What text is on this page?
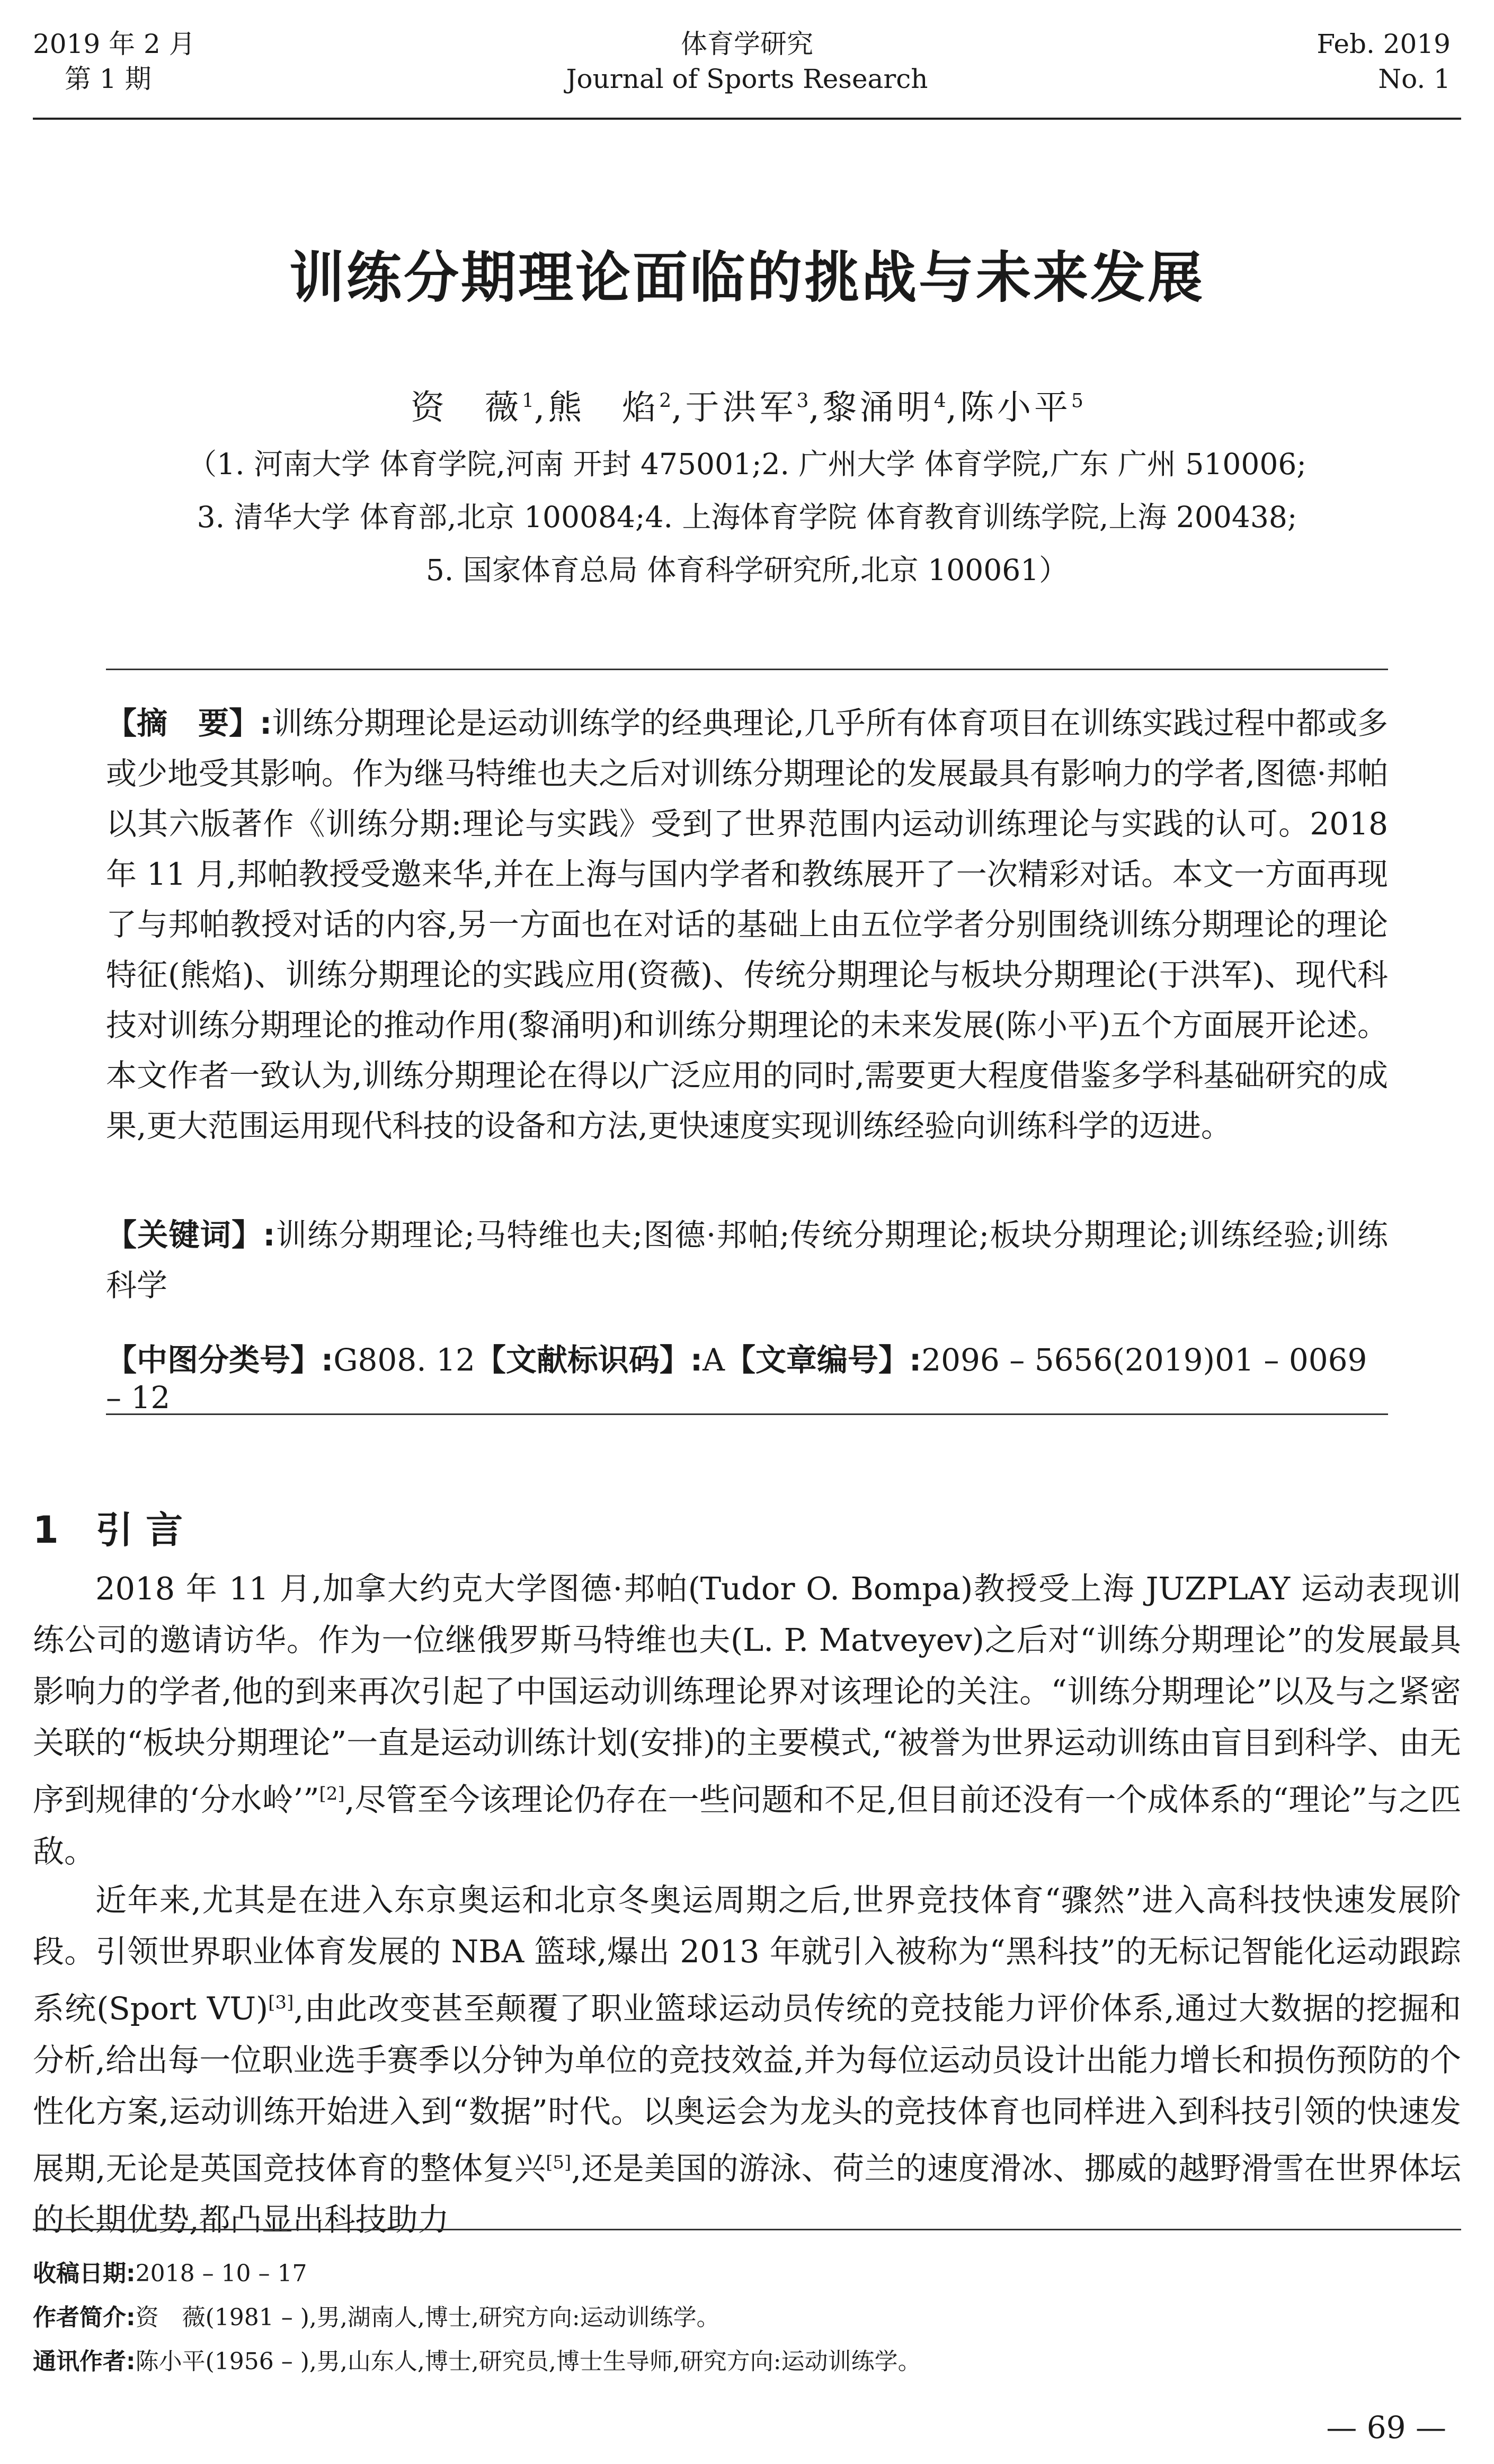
2019 年 2 月
第 1 期
体育学研究
Journal of Sports Research
Feb. 2019
No. 1
训练分期理论面临的挑战与未来发展
资　薇$^1$,熊　焰$^2$,于洪军$^3$,黎涌明$^4$,陈小平$^5$
（1. 河南大学 体育学院,河南 开封 475001;2. 广州大学 体育学院,广东 广州 510006;
3. 清华大学 体育部,北京 100084;4. 上海体育学院 体育教育训练学院,上海 200438;
5. 国家体育总局 体育科学研究所,北京 100061）
【摘　要】:训练分期理论是运动训练学的经典理论,几乎所有体育项目在训练实践过程中都或多或少地受其影响。作为继马特维也夫之后对训练分期理论的发展最具有影响力的学者,图德·邦帕以其六版著作《训练分期:理论与实践》受到了世界范围内运动训练理论与实践的认可。2018 年 11 月,邦帕教授受邀来华,并在上海与国内学者和教练展开了一次精彩对话。本文一方面再现了与邦帕教授对话的内容,另一方面也在对话的基础上由五位学者分别围绕训练分期理论的理论特征(熊焰)、训练分期理论的实践应用(资薇)、传统分期理论与板块分期理论(于洪军)、现代科技对训练分期理论的推动作用(黎涌明)和训练分期理论的未来发展(陈小平)五个方面展开论述。本文作者一致认为,训练分期理论在得以广泛应用的同时,需要更大程度借鉴多学科基础研究的成果,更大范围运用现代科技的设备和方法,更快速度实现训练经验向训练科学的迈进。
【关键词】:训练分期理论;马特维也夫;图德·邦帕;传统分期理论;板块分期理论;训练经验;训练科学
【中图分类号】:G808. 12【文献标识码】:A【文章编号】:2096 – 5656(2019)01 – 0069 – 12
1 引 言
2018 年 11 月,加拿大约克大学图德·邦帕(Tudor O. Bompa)教授受上海 JUZPLAY 运动表现训练公司的邀请访华。作为一位继俄罗斯马特维也夫(L. P. Matveyev)之后对“训练分期理论”的发展最具影响力的学者,他的到来再次引起了中国运动训练理论界对该理论的关注。“训练分期理论”以及与之紧密关联的“板块分期理论”一直是运动训练计划(安排)的主要模式,“被誉为世界运动训练由盲目到科学、由无序到规律的‘分水岭’”[2],尽管至今该理论仍存在一些问题和不足,但目前还没有一个成体系的“理论”与之匹敌。
近年来,尤其是在进入东京奥运和北京冬奥运周期之后,世界竞技体育“骤然”进入高科技快速发展阶段。引领世界职业体育发展的 NBA 篮球,爆出 2013 年就引入被称为“黑科技”的无标记智能化运动跟踪系统(Sport VU)[3],由此改变甚至颠覆了职业篮球运动员传统的竞技能力评价体系,通过大数据的挖掘和分析,给出每一位职业选手赛季以分钟为单位的竞技效益,并为每位运动员设计出能力增长和损伤预防的个性化方案,运动训练开始进入到“数据”时代。以奥运会为龙头的竞技体育也同样进入到科技引领的快速发展期,无论是英国竞技体育的整体复兴[5],还是美国的游泳、荷兰的速度滑冰、挪威的越野滑雪在世界体坛的长期优势,都凸显出科技助力
收稿日期:2018 – 10 – 17
作者简介:资　薇(1981 – ),男,湖南人,博士,研究方向:运动训练学。
通讯作者:陈小平(1956 – ),男,山东人,博士,研究员,博士生导师,研究方向:运动训练学。
— 69 —
